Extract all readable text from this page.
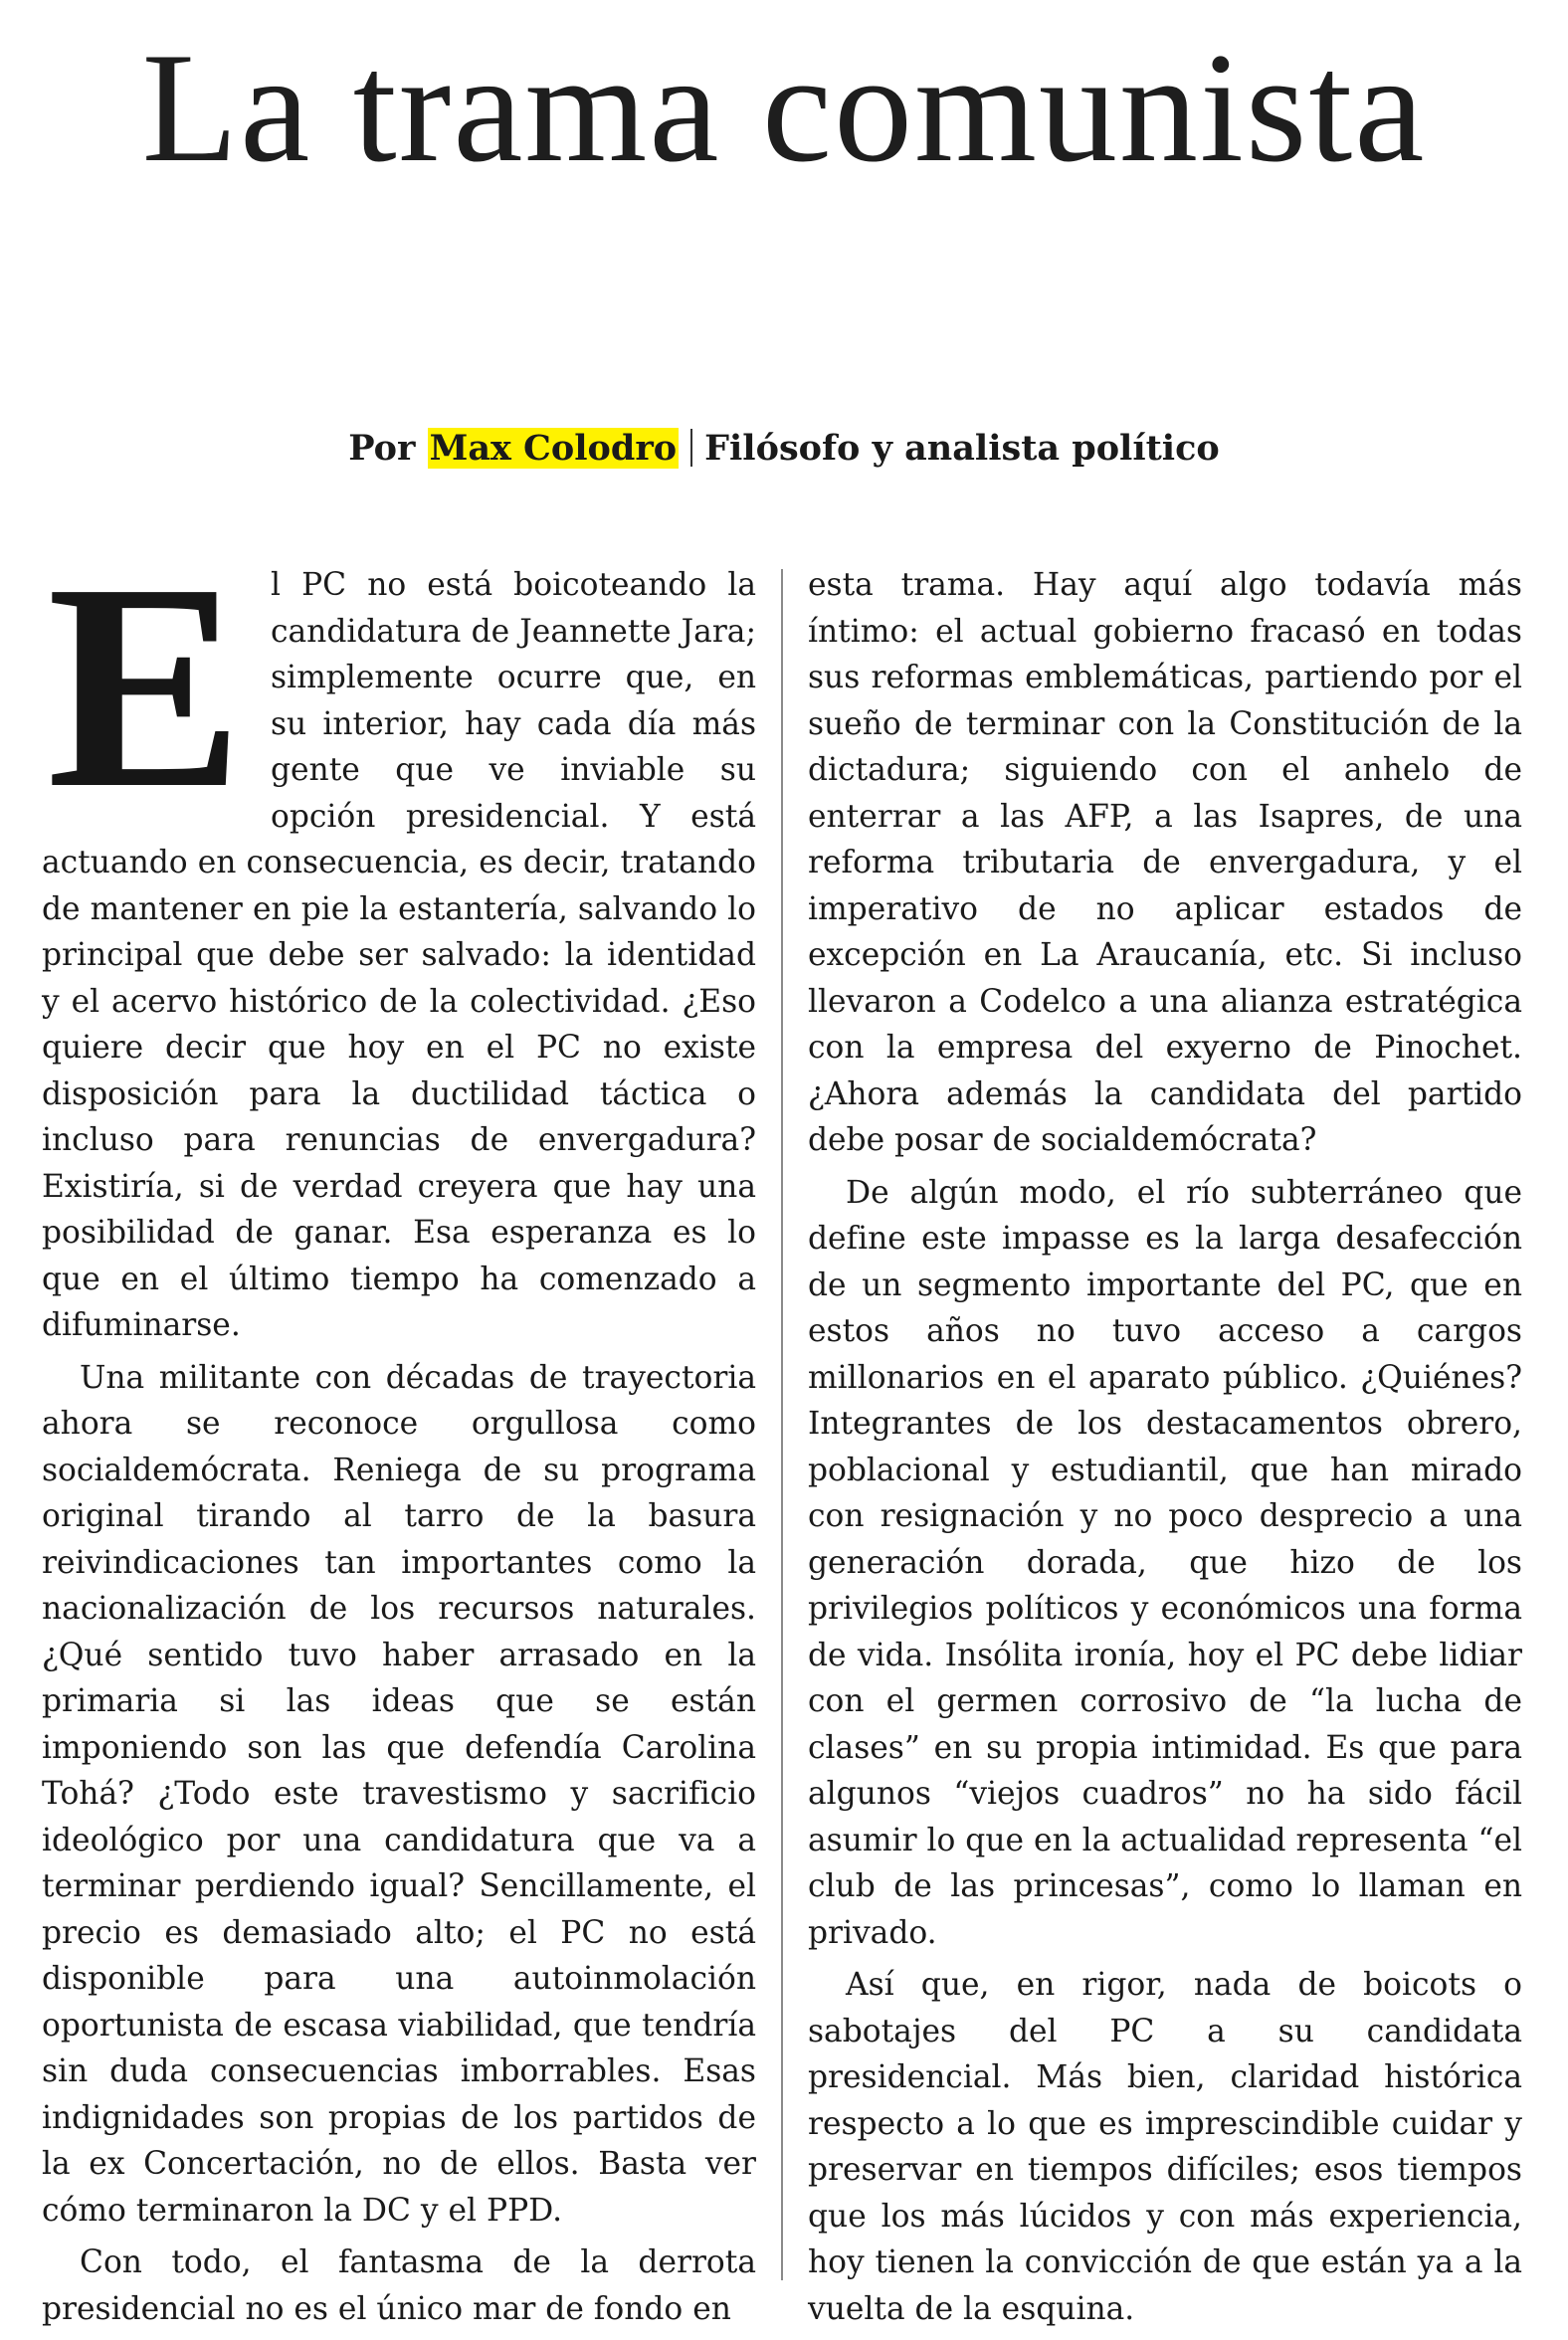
La trama comunista
Por Max Colodro Filósofo y analista político

E l PC no está boicoteando la candidatura de Jeannette Jara; simplemente ocurre que, en su interior, hay cada día más gente que ve inviable su opción presidencial. Y está actuando en consecuencia, es decir, tratando de mantener en pie la estantería, salvando lo principal que debe ser salvado: la identidad y el acervo histórico de la colectividad. ¿Eso quiere decir que hoy en el PC no existe disposición para la ductilidad táctica o incluso para renuncias de envergadura? Existiría, si de verdad creyera que hay una posibilidad de ganar. Esa esperanza es lo que en el último tiempo ha comenzado a difuminarse.

Una militante con décadas de trayectoria ahora se reconoce orgullosa como socialdemócrata. Reniega de su programa original tirando al tarro de la basura reivindicaciones tan importantes como la nacionalización de los recursos naturales. ¿Qué sentido tuvo haber arrasado en la primaria si las ideas que se están imponiendo son las que defendía Carolina Tohá? ¿Todo este travestismo y sacrificio ideológico por una candidatura que va a terminar perdiendo igual? Sencillamente, el precio es demasiado alto; el PC no está disponible para una autoinmolación oportunista de escasa viabilidad, que tendría sin duda consecuencias imborrables. Esas indignidades son propias de los partidos de la ex Concertación, no de ellos. Basta ver cómo terminaron la DC y el PPD.

Con todo, el fantasma de la derrota presidencial no es el único mar de fondo en

esta trama. Hay aquí algo todavía más íntimo: el actual gobierno fracasó en todas sus reformas emblemáticas, partiendo por el sueño de terminar con la Constitución de la dictadura; siguiendo con el anhelo de enterrar a las AFP, a las Isapres, de una reforma tributaria de envergadura, y el imperativo de no aplicar estados de excepción en La Araucanía, etc. Si incluso llevaron a Codelco a una alianza estratégica con la empresa del exyerno de Pinochet. ¿Ahora además la candidata del partido debe posar de socialdemócrata?

De algún modo, el río subterráneo que define este impasse es la larga desafección de un segmento importante del PC, que en estos años no tuvo acceso a cargos millonarios en el aparato público. ¿Quiénes? Integrantes de los destacamentos obrero, poblacional y estudiantil, que han mirado con resignación y no poco desprecio a una generación dorada, que hizo de los privilegios políticos y económicos una forma de vida. Insólita ironía, hoy el PC debe lidiar con el germen corrosivo de “la lucha de clases” en su propia intimidad. Es que para algunos “viejos cuadros” no ha sido fácil asumir lo que en la actualidad representa “el club de las princesas”, como lo llaman en privado.

Así que, en rigor, nada de boicots o sabotajes del PC a su candidata presidencial. Más bien, claridad histórica respecto a lo que es imprescindible cuidar y preservar en tiempos difíciles; esos tiempos que los más lúcidos y con más experiencia, hoy tienen la convicción de que están ya a la vuelta de la esquina.
